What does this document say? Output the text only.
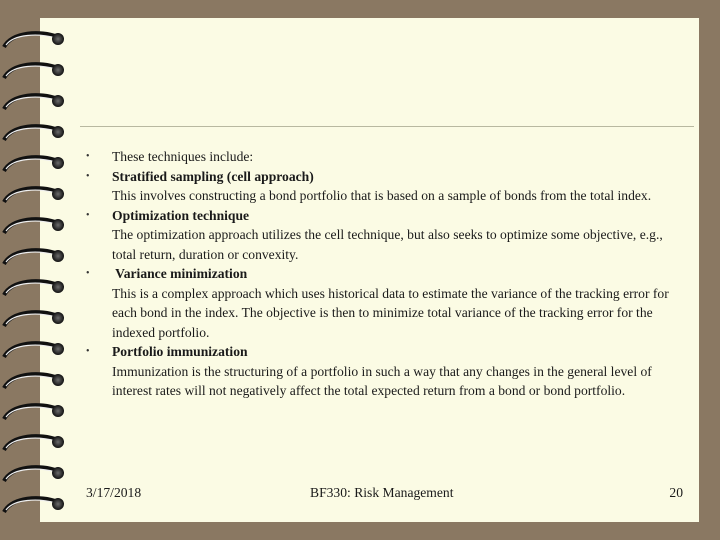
• These techniques include:
• Stratified sampling (cell approach)
This involves constructing a bond portfolio that is based on a sample of bonds from the total index.
• Optimization technique
The optimization approach utilizes the cell technique, but also seeks to optimize some objective, e.g., total return, duration or convexity.
• Variance minimization
This is a complex approach which uses historical data to estimate the variance of the tracking error for each bond in the index. The objective is then to minimize total variance of the tracking error for the indexed portfolio.
• Portfolio immunization
Immunization is the structuring of a portfolio in such a way that any changes in the general level of interest rates will not negatively affect the total expected return from a bond or bond portfolio.
3/17/2018	BF330: Risk Management	20
